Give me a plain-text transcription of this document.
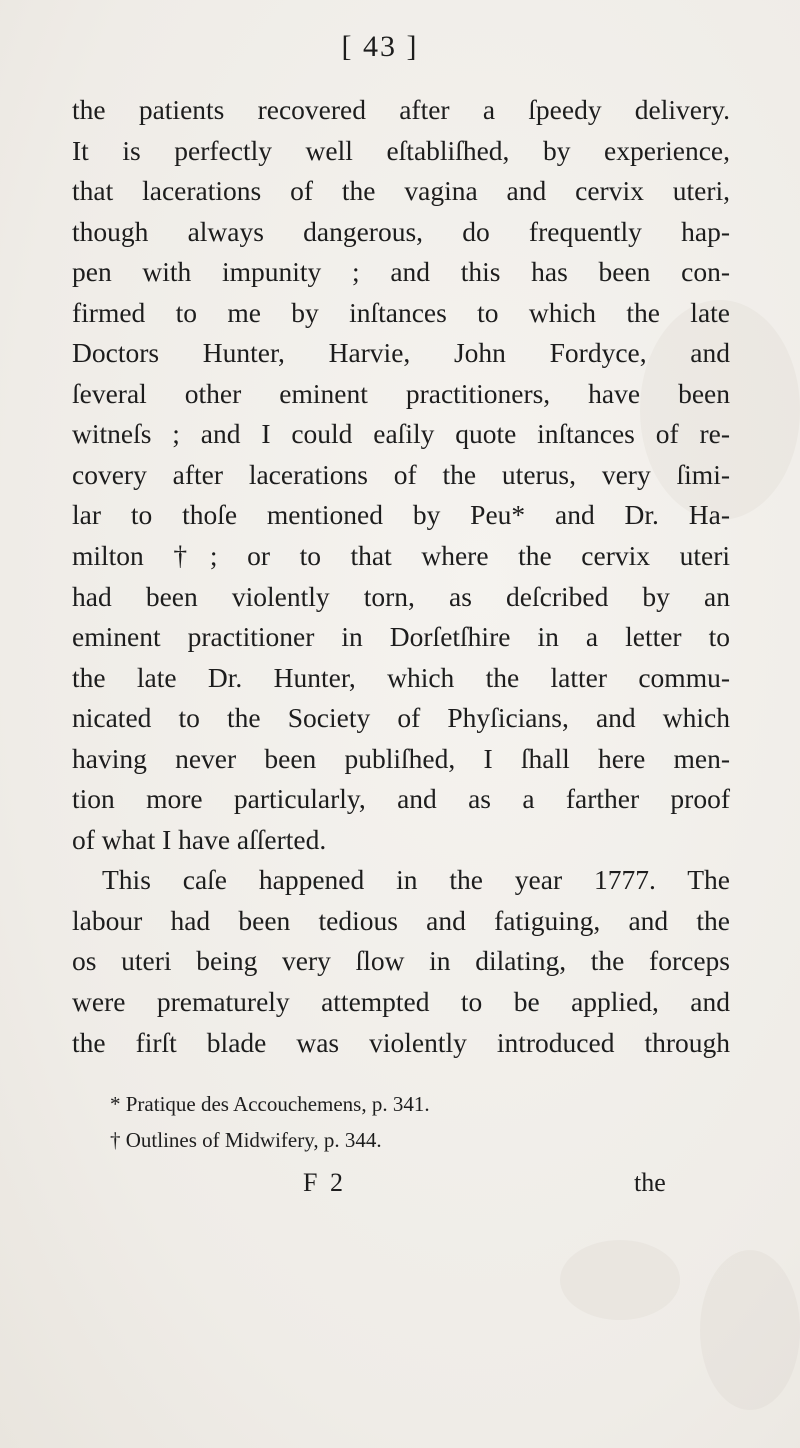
[ 43 ]
the patients recovered after a ſpeedy delivery.
It is perfectly well eſtabliſhed, by experience,
that lacerations of the vagina and cervix uteri,
though always dangerous, do frequently hap-
pen with impunity ; and this has been con-
firmed to me by inſtances to which the late
Doctors Hunter, Harvie, John Fordyce, and
ſeveral other eminent practitioners, have been
witneſs ; and I could eaſily quote inſtances of re-
covery after lacerations of the uterus, very ſimi-
lar to thoſe mentioned by Peu* and Dr. Ha-
milton †; or to that where the cervix uteri
had been violently torn, as deſcribed by an
eminent practitioner in Dorſetſhire in a letter to
the late Dr. Hunter, which the latter commu-
nicated to the Society of Phyſicians, and which
having never been publiſhed, I ſhall here men-
tion more particularly, and as a farther proof
of what I have aſſerted.
This caſe happened in the year 1777. The
labour had been tedious and fatiguing, and the
os uteri being very ſlow in dilating, the forceps
were prematurely attempted to be applied, and
the firſt blade was violently introduced through
* Pratique des Accouchemens, p. 341.
† Outlines of Midwifery, p. 344.
F 2	the
